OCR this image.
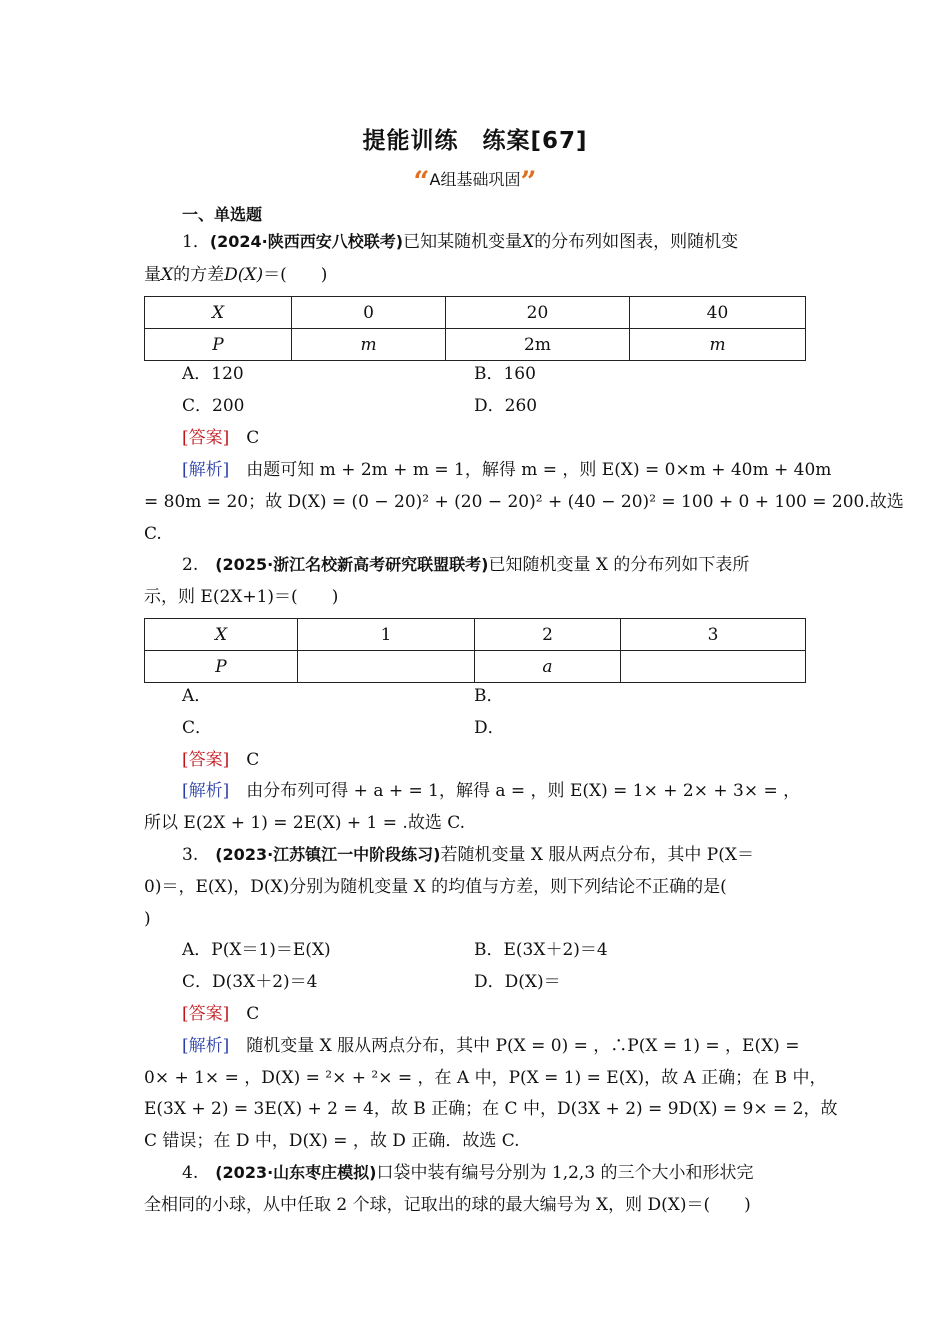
提能训练　练案[67]
“A组基础巩固”
一、单选题
1．(2024·陕西西安八校联考)已知某随机变量X的分布列如图表，则随机变
量X的方差D(X)＝(　　)
X	0	20	40
P	m	2m	m
A．120	B．160
C．200	D．260
[答案]　 C
[解析]　 由题可知 m + 2m + m = 1，解得 m = ，则 E(X) = 0×m + 40m + 40m
= 80m = 20；故 D(X) = (0 − 20)² + (20 − 20)² + (40 − 20)² = 100 + 0 + 100 = 200.故选
C.
2.　 (2025·浙江名校新高考研究联盟联考)已知随机变量 X 的分布列如下表所
示，则 E(2X+1)＝(　　)
X	1	2	3
P		a	
A．	B．
C．	D．
[答案]　 C
[解析]　 由分布列可得 + a + = 1，解得 a = ，则 E(X) = 1× + 2× + 3× = ，
所以 E(2X + 1) = 2E(X) + 1 = .故选 C.
3.　 (2023·江苏镇江一中阶段练习)若随机变量 X 服从两点分布，其中 P(X＝
0)＝，E(X)，D(X)分别为随机变量 X 的均值与方差，则下列结论不正确的是(
)
A．P(X＝1)＝E(X)	B．E(3X＋2)＝4
C．D(3X＋2)＝4	D．D(X)＝
[答案]　 C
[解析]　 随机变量 X 服从两点分布，其中 P(X = 0) = ，∴P(X = 1) = ，E(X) =
0× + 1× = ，D(X) = ²× + ²× = ，在 A 中，P(X = 1) = E(X)，故 A 正确；在 B 中，
E(3X + 2) = 3E(X) + 2 = 4，故 B 正确；在 C 中，D(3X + 2) = 9D(X) = 9× = 2，故
C 错误；在 D 中，D(X) = ，故 D 正确．故选 C.
4.　 (2023·山东枣庄模拟)口袋中装有编号分别为 1,2,3 的三个大小和形状完
全相同的小球，从中任取 2 个球，记取出的球的最大编号为 X，则 D(X)＝(　　)
